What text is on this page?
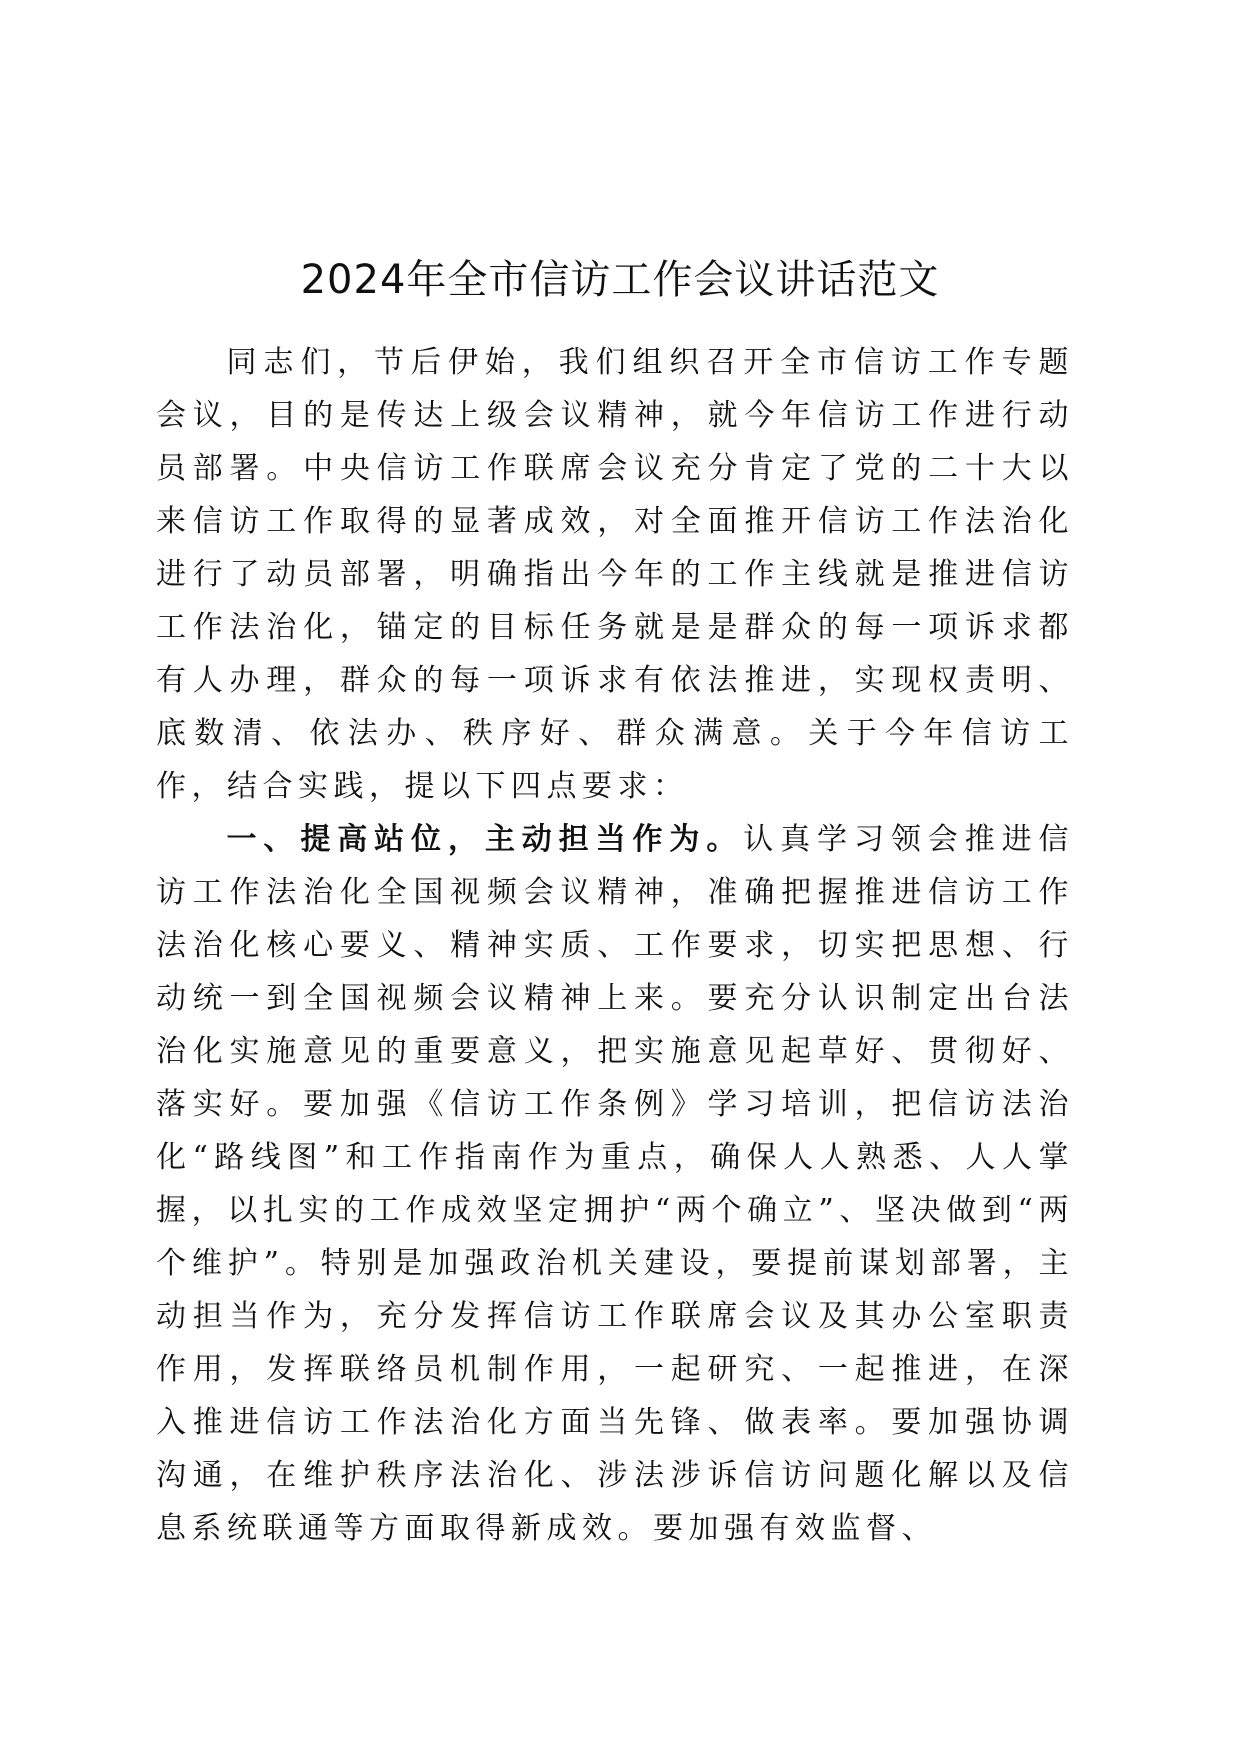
2024年全市信访工作会议讲话范文

同志们，节后伊始，我们组织召开全市信访工作专题会议，目的是传达上级会议精神，就今年信访工作进行动员部署。中央信访工作联席会议充分肯定了党的二十大以来信访工作取得的显著成效，对全面推开信访工作法治化进行了动员部署，明确指出今年的工作主线就是推进信访工作法治化，锚定的目标任务就是是群众的每一项诉求都有人办理，群众的每一项诉求有依法推进，实现权责明、底数清、依法办、秩序好、群众满意。关于今年信访工作，结合实践，提以下四点要求：

一、提高站位，主动担当作为。认真学习领会推进信访工作法治化全国视频会议精神，准确把握推进信访工作法治化核心要义、精神实质、工作要求，切实把思想、行动统一到全国视频会议精神上来。要充分认识制定出台法治化实施意见的重要意义，把实施意见起草好、贯彻好、落实好。要加强《信访工作条例》学习培训，把信访法治化“路线图”和工作指南作为重点，确保人人熟悉、人人掌握，以扎实的工作成效坚定拥护“两个确立”、坚决做到“两个维护”。特别是加强政治机关建设，要提前谋划部署，主动担当作为，充分发挥信访工作联席会议及其办公室职责作用，发挥联络员机制作用，一起研究、一起推进，在深入推进信访工作法治化方面当先锋、做表率。要加强协调沟通，在维护秩序法治化、涉法涉诉信访问题化解以及信息系统联通等方面取得新成效。要加强有效监督、
